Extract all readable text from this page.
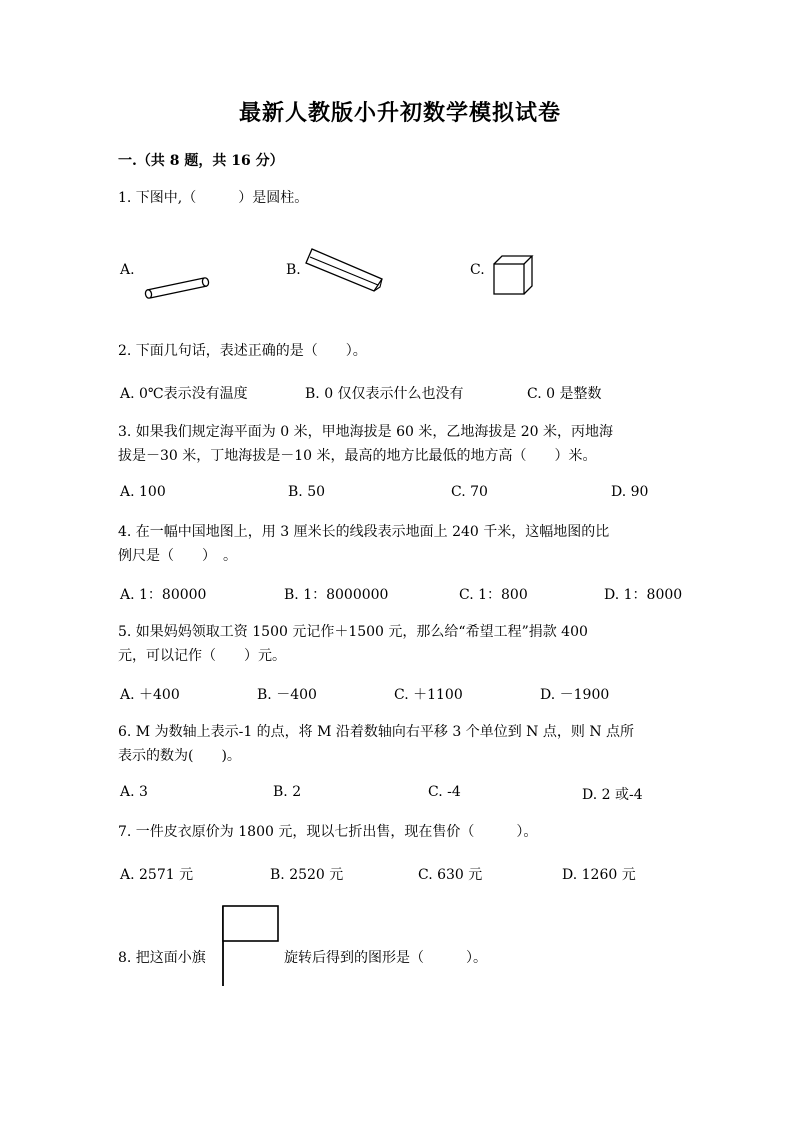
最新人教版小升初数学模拟试卷
一.（共 8 题，共 16 分）
1. 下图中,（　　　）是圆柱。
A.	B.	C.
2. 下面几句话，表述正确的是（　　）。
A. 0℃表示没有温度	B. 0 仅仅表示什么也没有	C. 0 是整数
3. 如果我们规定海平面为 0 米，甲地海拔是 60 米，乙地海拔是 20 米，丙地海
拔是－30 米，丁地海拔是－10 米，最高的地方比最低的地方高（　　）米。
A. 100	B. 50	C. 70	D. 90
4. 在一幅中国地图上，用 3 厘米长的线段表示地面上 240 千米，这幅地图的比
例尺是（　　）　。
A. 1：80000	B. 1：8000000	C. 1：800	D. 1：8000
5. 如果妈妈领取工资 1500 元记作＋1500 元，那么给“希望工程”捐款 400
元，可以记作（　　）元。
A. ＋400	B. －400	C. ＋1100	D. －1900
6. M 为数轴上表示-1 的点，将 M 沿着数轴向右平移 3 个单位到 N 点，则 N 点所
表示的数为(　　)。
A. 3	B. 2	C. -4	D. 2 或-4
7. 一件皮衣原价为 1800 元，现以七折出售，现在售价（　　　）。
A. 2571 元	B. 2520 元	C. 630 元	D. 1260 元
8. 把这面小旗	旋转后得到的图形是（　　　）。
